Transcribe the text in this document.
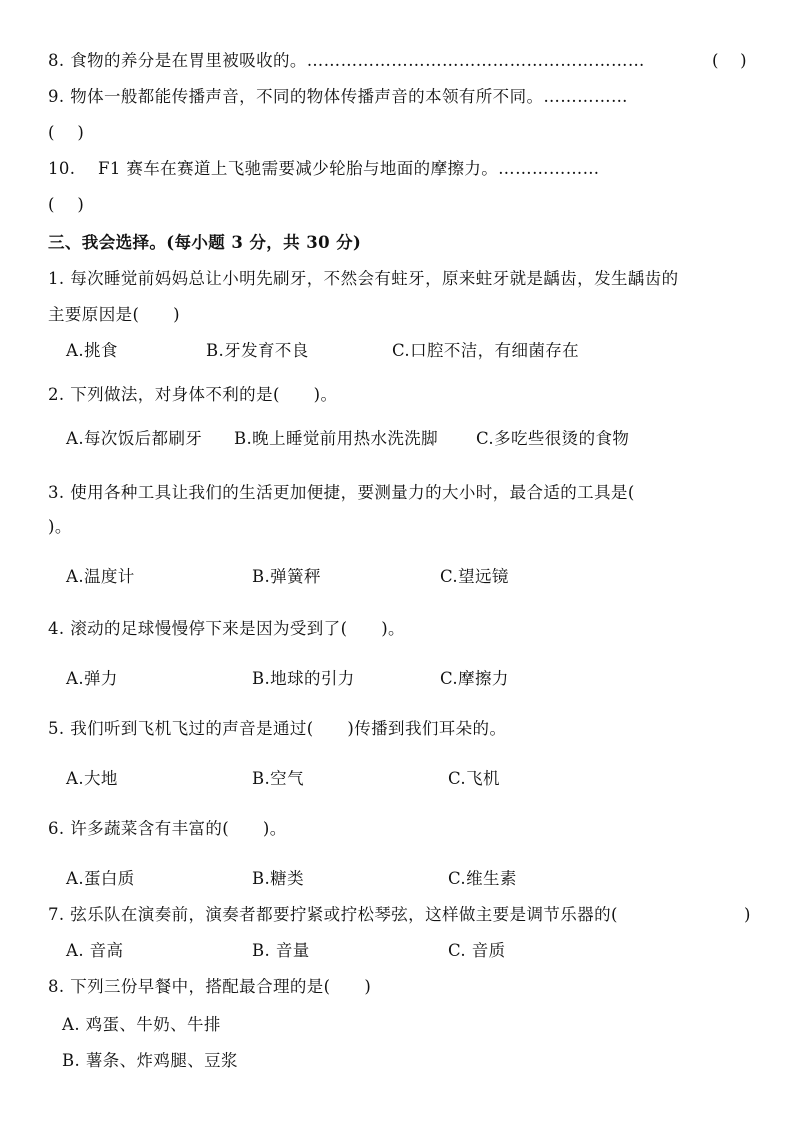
8. 食物的养分是在胃里被吸收的。……………………………………………………	(　 )
9. 物体一般都能传播声音，不同的物体传播声音的本领有所不同。……………
(　 )
10.　 F1 赛车在赛道上飞驰需要减少轮胎与地面的摩擦力。………………
(　 )
三、我会选择。(每小题 3 分，共 30 分)
1. 每次睡觉前妈妈总让小明先刷牙，不然会有蛀牙，原来蛀牙就是龋齿，发生龋齿的
主要原因是(　　)
A.挑食	B.牙发育不良	C.口腔不洁，有细菌存在
2. 下列做法，对身体不利的是(　　)。
A.每次饭后都刷牙 B.晚上睡觉前用热水洗洗脚 C.多吃些很烫的食物
3. 使用各种工具让我们的生活更加便捷，要测量力的大小时，最合适的工具是(
)。
A.温度计	B.弹簧秤	C.望远镜
4. 滚动的足球慢慢停下来是因为受到了(　　)。
A.弹力	B.地球的引力	C.摩擦力
5. 我们听到飞机飞过的声音是通过(　　)传播到我们耳朵的。
A.大地	B.空气	C.飞机
6. 许多蔬菜含有丰富的(　　)。
A.蛋白质	B.糖类	C.维生素
7. 弦乐队在演奏前，演奏者都要拧紧或拧松琴弦，这样做主要是调节乐器的(	)
A. 音高	B. 音量	C. 音质
8. 下列三份早餐中，搭配最合理的是(　　)
A. 鸡蛋、牛奶、牛排
B. 薯条、炸鸡腿、豆浆
